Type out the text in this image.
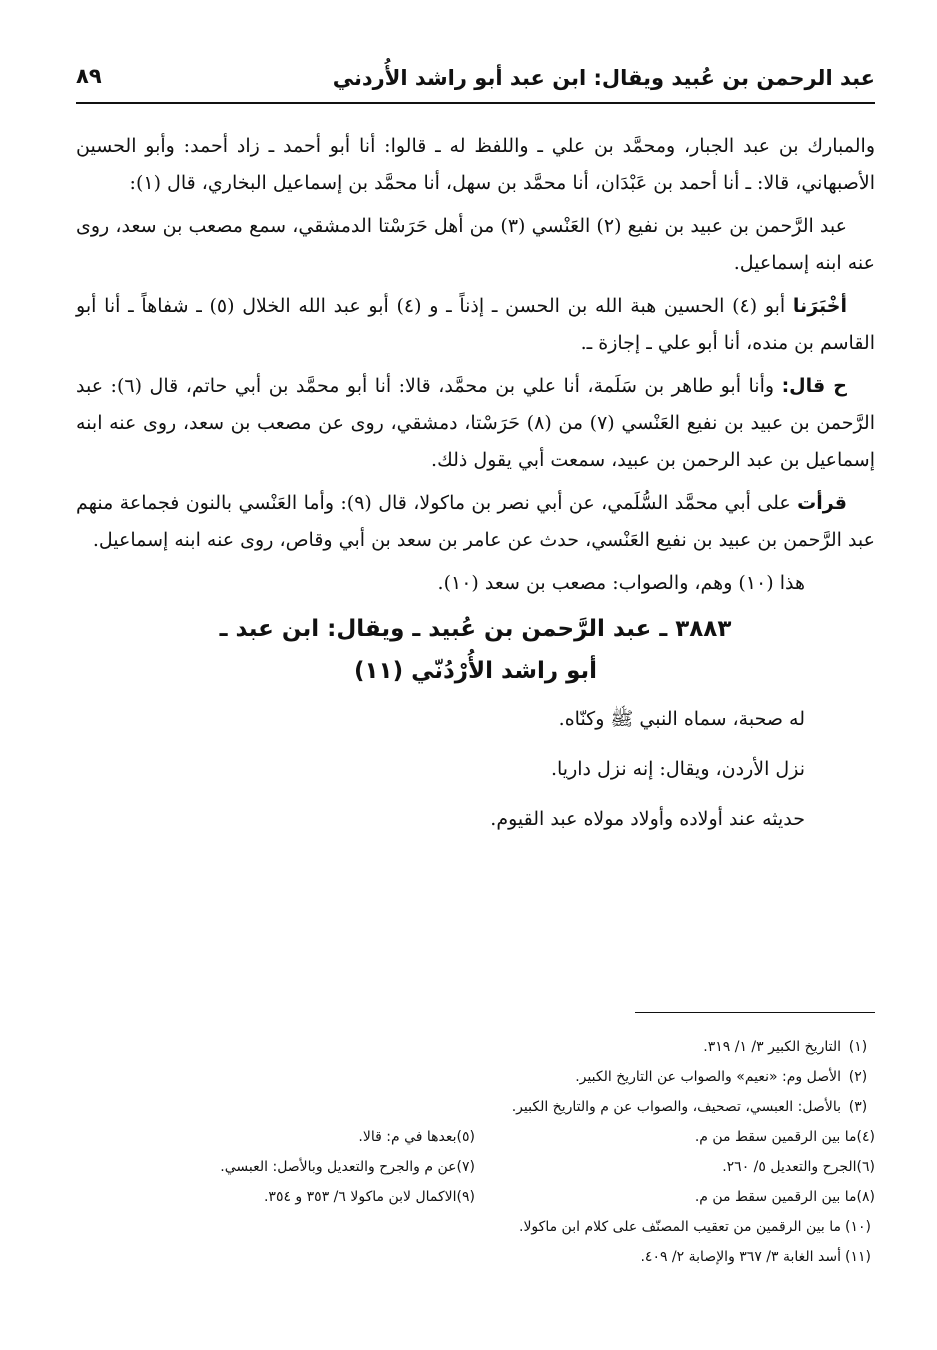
عبد الرحمن بن عُبيد ويقال: ابن عبد أبو راشد الأُردني
٨٩

والمبارك بن عبد الجبار، ومحمَّد بن علي ـ واللفظ له ـ قالوا: أنا أبو أحمد ـ زاد أحمد: وأبو الحسين الأصبهاني، قالا: ـ أنا أحمد بن عَبْدَان، أنا محمَّد بن سهل، أنا محمَّد بن إسماعيل البخاري، قال (١):

عبد الرَّحمن بن عبيد بن نفيع (٢) العَنْسي (٣) من أهل حَرَسْتا الدمشقي، سمع مصعب بن سعد، روى عنه ابنه إسماعيل.

أخْبَرَنا أبو (٤) الحسين هبة الله بن الحسن ـ إذناً ـ و (٤) أبو عبد الله الخلال (٥) ـ شفاهاً ـ أنا أبو القاسم بن منده، أنا أبو علي ـ إجازة ـ.

ح قال: وأنا أبو طاهر بن سَلَمة، أنا علي بن محمَّد، قالا: أنا أبو محمَّد بن أبي حاتم، قال (٦): عبد الرَّحمن بن عبيد بن نفيع العَنْسي (٧) من (٨) حَرَسْتا، دمشقي، روى عن مصعب بن سعد، روى عنه ابنه إسماعيل بن عبد الرحمن بن عبيد، سمعت أبي يقول ذلك.

قرأت على أبي محمَّد السُّلَمي، عن أبي نصر بن ماكولا، قال (٩): وأما العَنْسي بالنون فجماعة منهم عبد الرَّحمن بن عبيد بن نفيع العَنْسي، حدث عن عامر بن سعد بن أبي وقاص، روى عنه ابنه إسماعيل.

هذا (١٠) وهم، والصواب: مصعب بن سعد (١٠).

٣٨٨٣ ـ عبد الرَّحمن بن عُبيد ـ ويقال: ابن عبد ـ
أبو راشد الأُرْدُنّي (١١)
له صحبة، سماه النبي ﷺ وكنّاه.
نزل الأردن، ويقال: إنه نزل داريا.
حديثه عند أولاده وأولاد مولاه عبد القيوم.
(١)التاريخ الكبير ٣/ ١/ ٣١٩.
(٢)الأصل وم: «نعيم» والصواب عن التاريخ الكبير.
(٣)بالأصل: العبسي، تصحيف، والصواب عن م والتاريخ الكبير.
(٤)ما بين الرقمين سقط من م.
(٥)بعدها في م: قالا.
(٦)الجرح والتعديل ٥/ ٢٦٠.
(٧)عن م والجرح والتعديل وبالأصل: العبسي.
(٨)ما بين الرقمين سقط من م.
(٩)الاكمال لابن ماكولا ٦/ ٣٥٣ و ٣٥٤.
(١٠)ما بين الرقمين من تعقيب المصنّف على كلام ابن ماكولا.
(١١)أسد الغابة ٣/ ٣٦٧ والإصابة ٢/ ٤٠٩.
